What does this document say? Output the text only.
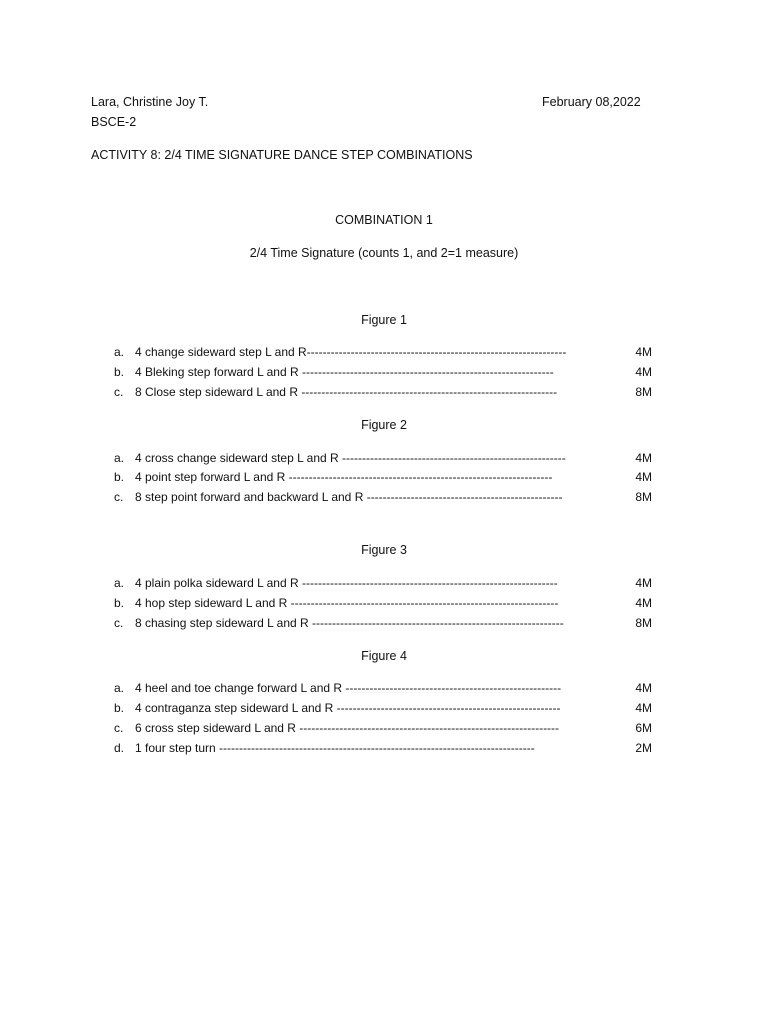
Lara, Christine Joy T.	February 08,2022
BSCE-2
ACTIVITY 8: 2/4 TIME SIGNATURE DANCE STEP COMBINATIONS
COMBINATION 1
2/4 Time Signature (counts 1, and 2=1 measure)
Figure 1
a. 4 change sideward step L and R-----------------------------------------------------------------	4M
b. 4 Bleking step forward L and R ---------------------------------------------------------------	4M
c. 8 Close step sideward L and R ----------------------------------------------------------------	8M
Figure 2
a. 4 cross change sideward step L and R --------------------------------------------------------	4M
b. 4 point step forward L and R ------------------------------------------------------------------	4M
c. 8 step point forward and backward L and R -------------------------------------------------	8M
Figure 3
a. 4 plain polka sideward L and R ----------------------------------------------------------------	4M
b. 4 hop step sideward L and R -------------------------------------------------------------------	4M
c. 8 chasing step sideward L and R ---------------------------------------------------------------	8M
Figure 4
a. 4 heel and toe change forward L and R ------------------------------------------------------	4M
b. 4 contraganza step sideward L and R --------------------------------------------------------	4M
c. 6 cross step sideward L and R -----------------------------------------------------------------	6M
d. 1 four step turn -------------------------------------------------------------------------------	2M
